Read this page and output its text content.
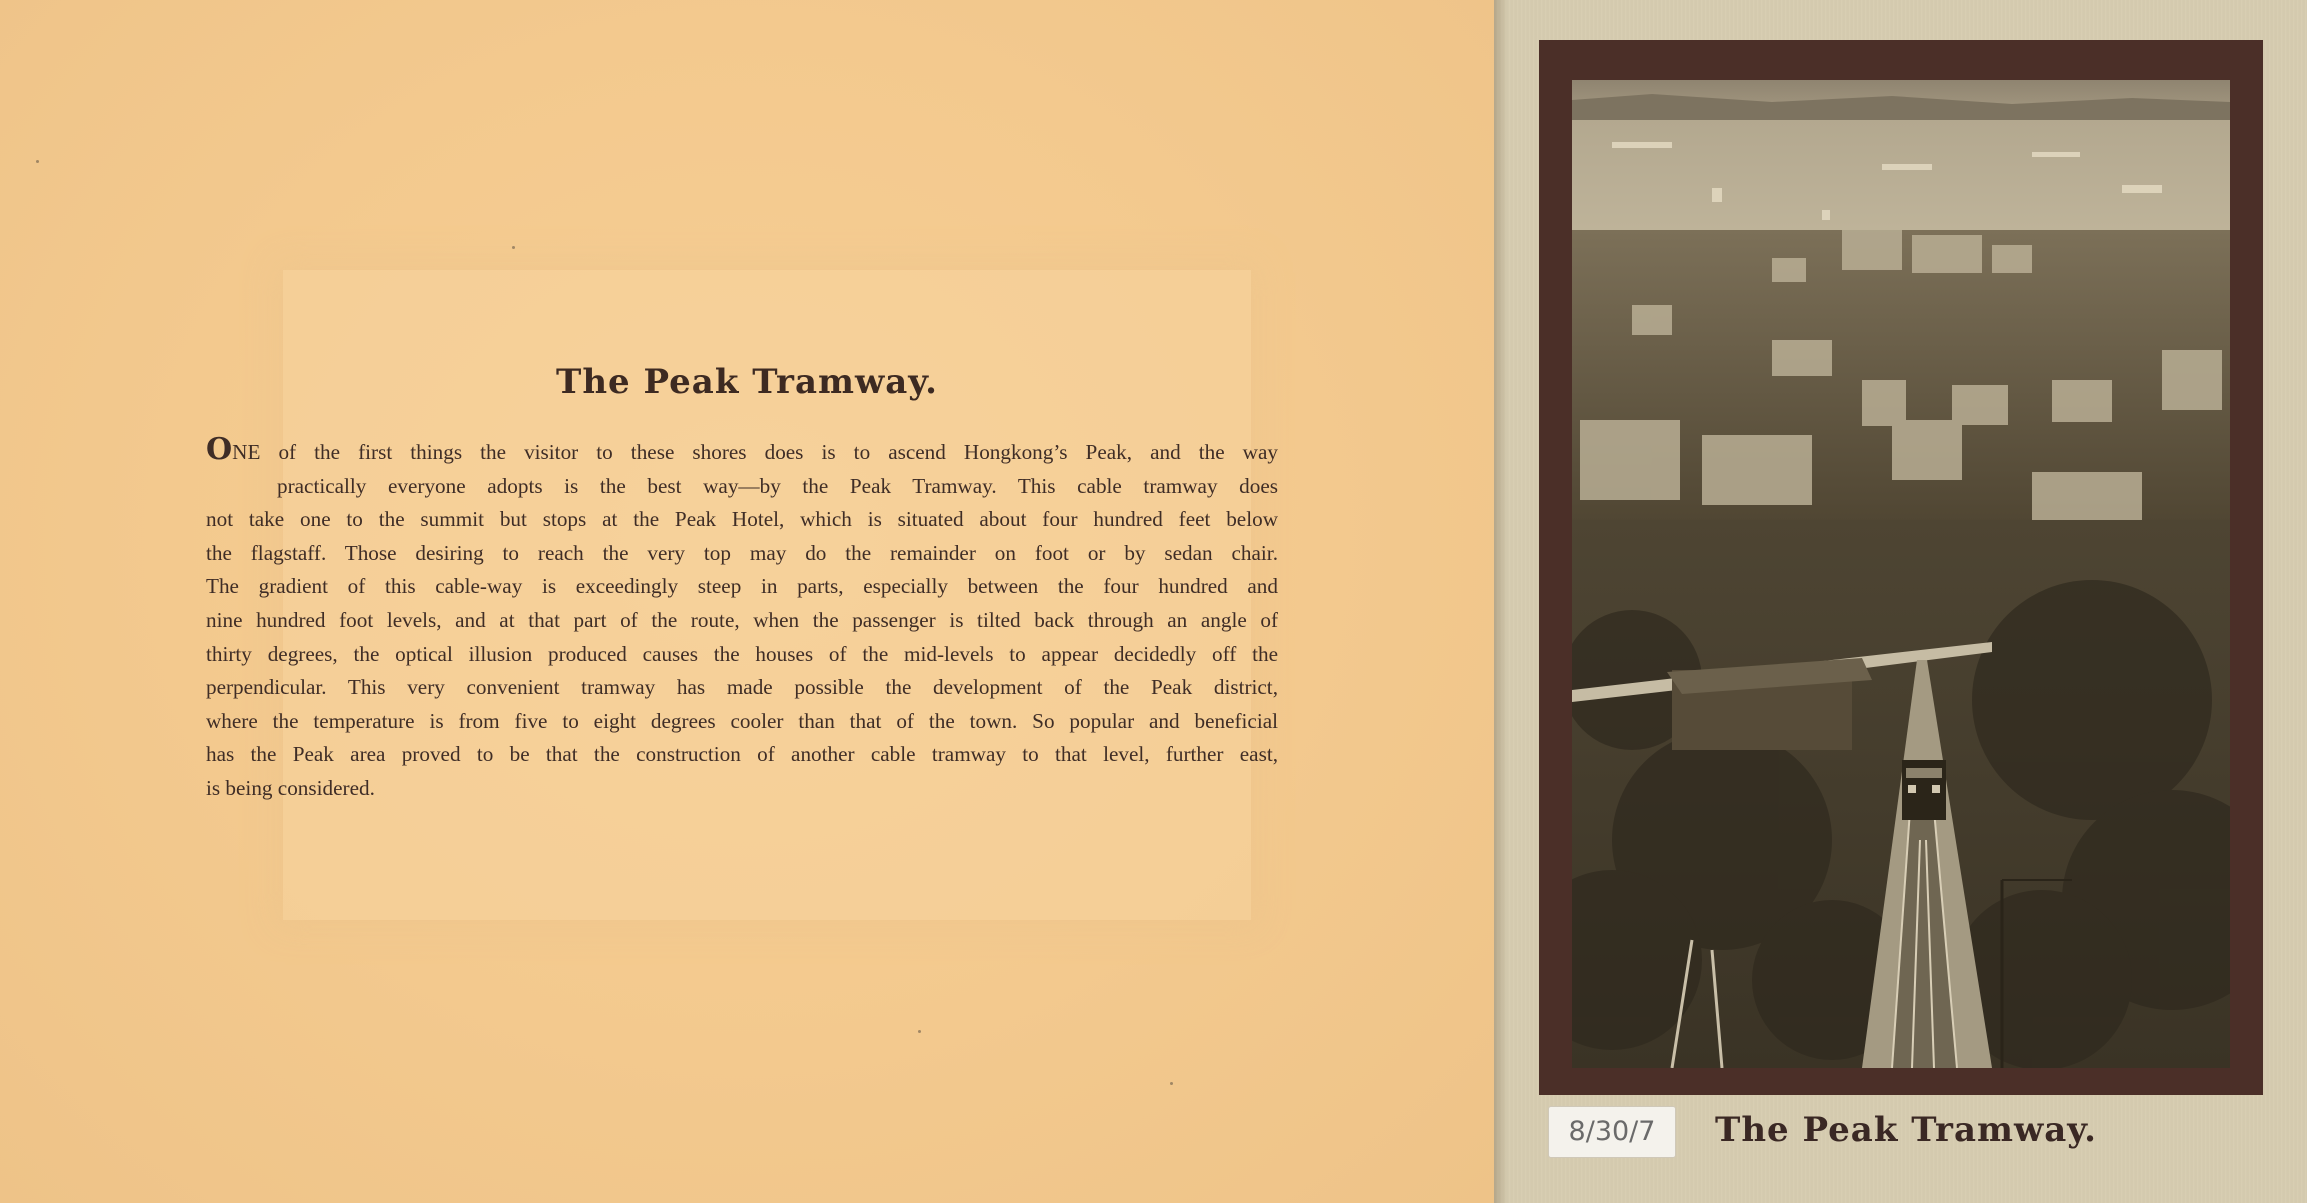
The Peak Tramway.
ONE of the first things the visitor to these shores does is to ascend Hongkong’s Peak, and the way
practically everyone adopts is the best way—by the Peak Tramway. This cable tramway does
not take one to the summit but stops at the Peak Hotel, which is situated about four hundred feet below
the flagstaff. Those desiring to reach the very top may do the remainder on foot or by sedan chair.
The gradient of this cable-way is exceedingly steep in parts, especially between the four hundred and
nine hundred foot levels, and at that part of the route, when the passenger is tilted back through an angle of
thirty degrees, the optical illusion produced causes the houses of the mid-levels to appear decidedly off the
perpendicular. This very convenient tramway has made possible the development of the Peak district,
where the temperature is from five to eight degrees cooler than that of the town. So popular and beneficial
has the Peak area proved to be that the construction of another cable tramway to that level, further east,
is being considered.
8/30/7	The Peak Tramway.
